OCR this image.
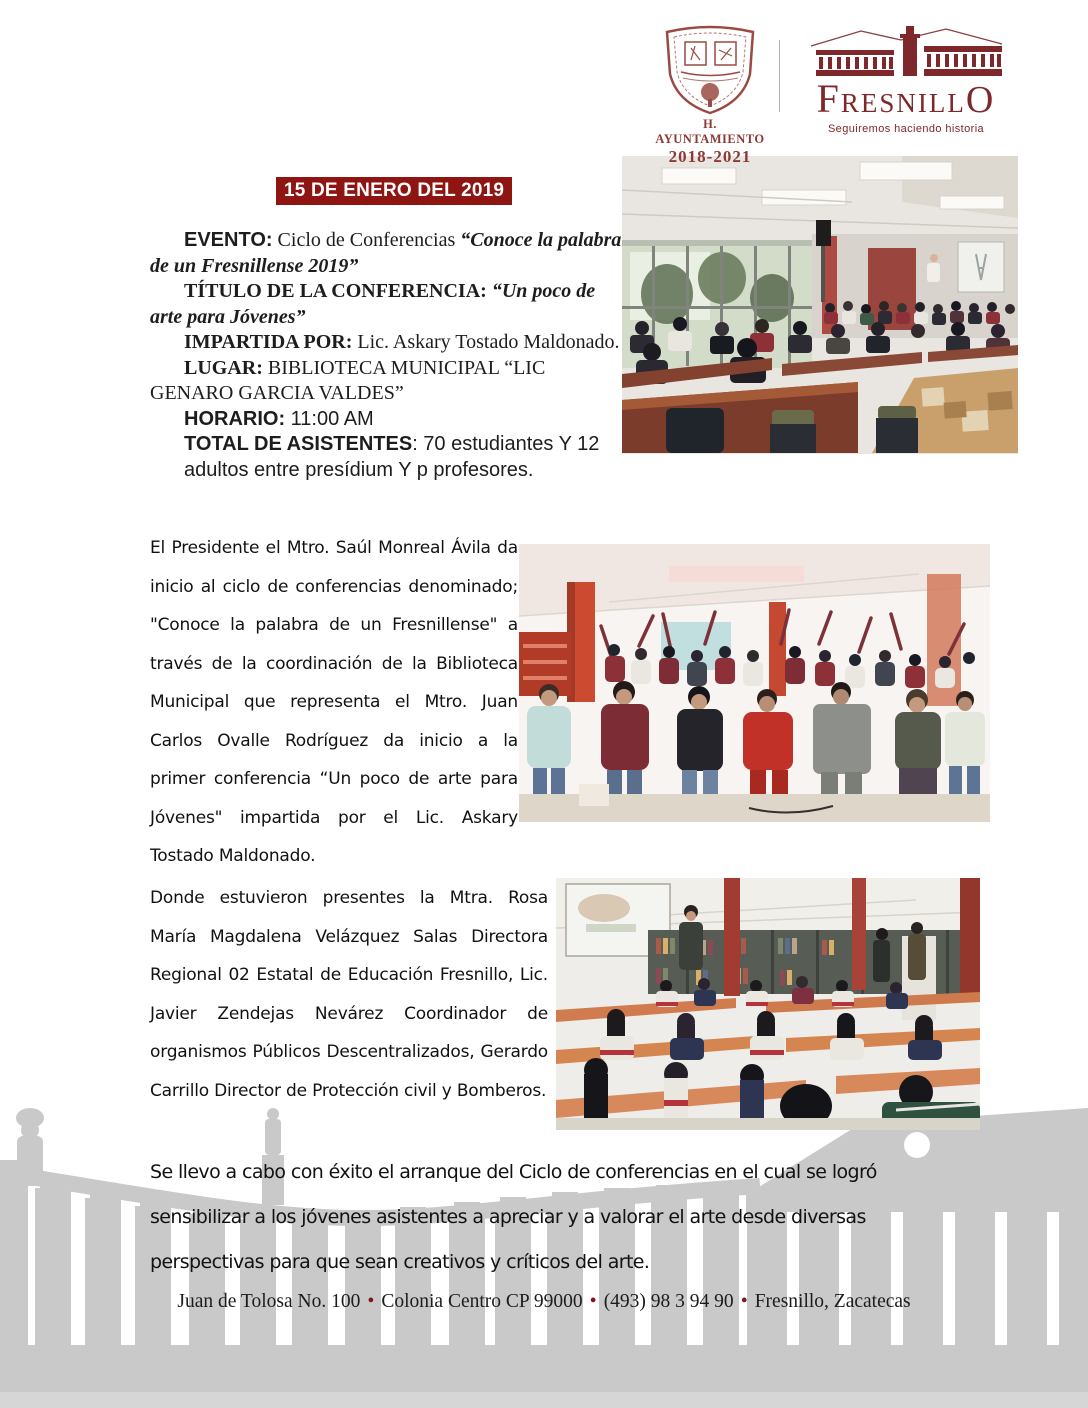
H. AYUNTAMIENTO
2018-2021
FRESNILLO
Seguiremos haciendo historia
15 DE ENERO DEL 2019

EVENTO: Ciclo de Conferencias “Conoce la palabra de un Fresnillense 2019”

TÍTULO DE LA CONFERENCIA: “Un poco de arte para Jóvenes”

IMPARTIDA POR: Lic. Askary Tostado Maldonado.

LUGAR: BIBLIOTECA MUNICIPAL “LIC GENARO GARCIA VALDES”

HORARIO: 11:00 AM

TOTAL DE ASISTENTES: 70 estudiantes Y 12 adultos entre presídium Y p profesores.

El Presidente el Mtro. Saúl Monreal Ávila da inicio al ciclo de conferencias denominado; "Conoce la palabra de un Fresnillense" a través de la coordinación de la Biblioteca Municipal que representa el Mtro. Juan Carlos Ovalle Rodríguez da inicio a la primer conferencia “Un poco de arte para Jóvenes" impartida por el Lic. Askary Tostado Maldonado.
Donde estuvieron presentes la Mtra. Rosa María Magdalena Velázquez Salas Directora Regional 02 Estatal de Educación Fresnillo, Lic. Javier Zendejas Nevárez Coordinador de organismos Públicos Descentralizados, Gerardo Carrillo Director de Protección civil y Bomberos.
Se llevo a cabo con éxito el arranque del Ciclo de conferencias en el cual se logró sensibilizar a los jóvenes asistentes a apreciar y a valorar el arte desde diversas perspectivas para que sean creativos y críticos del arte.
Juan de Tolosa No. 100 • Colonia Centro CP 99000 • (493) 98 3 94 90 • Fresnillo, Zacatecas
